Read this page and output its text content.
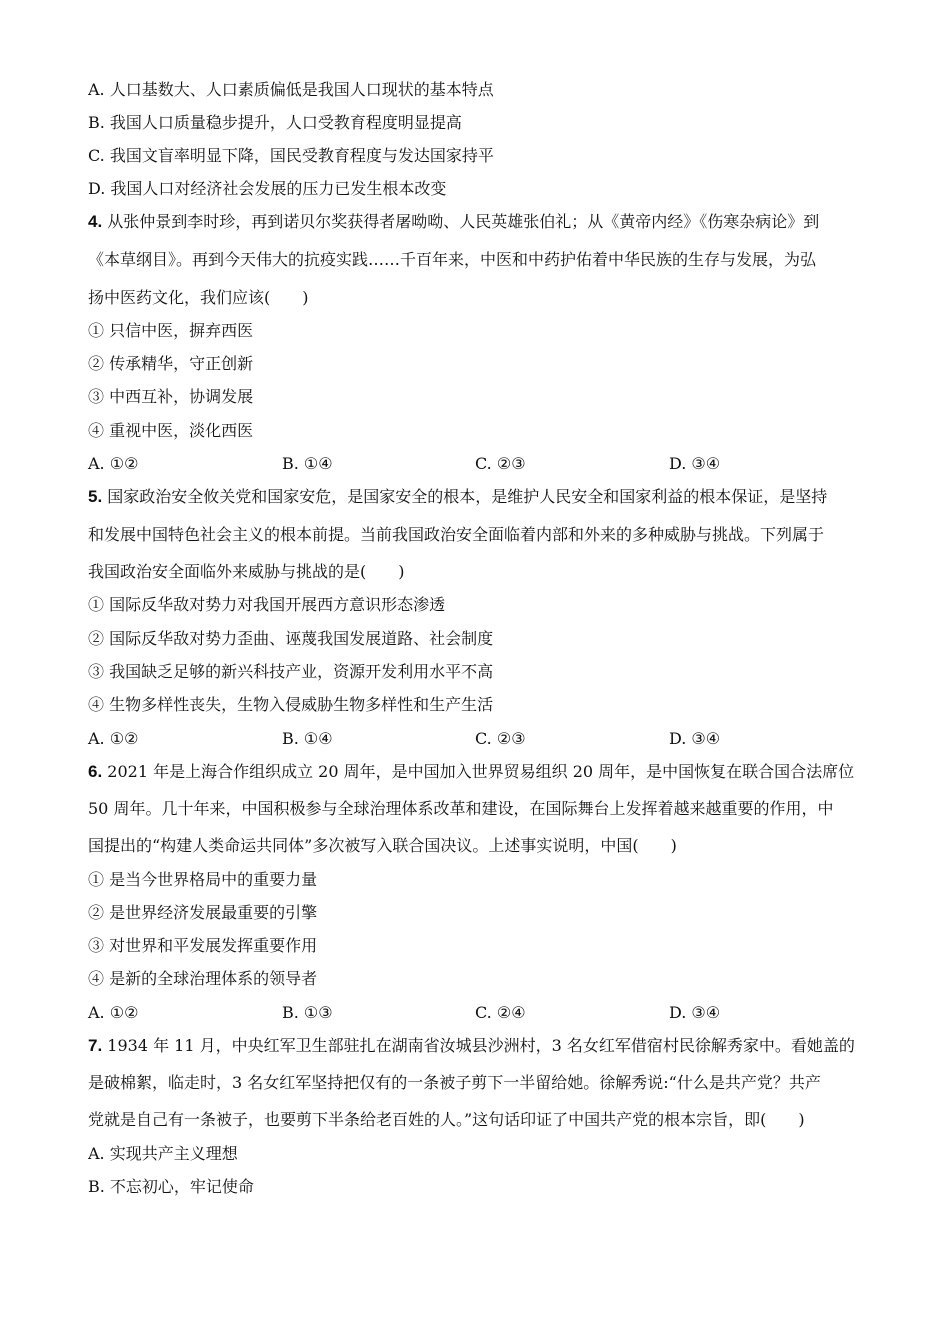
A. 人口基数大、人口素质偏低是我国人口现状的基本特点
B. 我国人口质量稳步提升，人口受教育程度明显提高
C. 我国文盲率明显下降，国民受教育程度与发达国家持平
D. 我国人口对经济社会发展的压力已发生根本改变
4. 从张仲景到李时珍，再到诺贝尔奖获得者屠呦呦、人民英雄张伯礼；从《黄帝内经》《伤寒杂病论》到
《本草纲目》。再到今天伟大的抗疫实践……千百年来，中医和中药护佑着中华民族的生存与发展，为弘
扬中医药文化，我们应该(　　)
① 只信中医，摒弃西医
② 传承精华，守正创新
③ 中西互补，协调发展
④ 重视中医，淡化西医
A. ①②	B. ①④	C. ②③	D. ③④
5. 国家政治安全攸关党和国家安危，是国家安全的根本，是维护人民安全和国家利益的根本保证，是坚持
和发展中国特色社会主义的根本前提。当前我国政治安全面临着内部和外来的多种威胁与挑战。下列属于
我国政治安全面临外来威胁与挑战的是(　　)
① 国际反华敌对势力对我国开展西方意识形态渗透
② 国际反华敌对势力歪曲、诬蔑我国发展道路、社会制度
③ 我国缺乏足够的新兴科技产业，资源开发利用水平不高
④ 生物多样性丧失，生物入侵威胁生物多样性和生产生活
A. ①②	B. ①④	C. ②③	D. ③④
6. 2021 年是上海合作组织成立 20 周年，是中国加入世界贸易组织 20 周年，是中国恢复在联合国合法席位
50 周年。几十年来，中国积极参与全球治理体系改革和建设，在国际舞台上发挥着越来越重要的作用，中
国提出的“构建人类命运共同体”多次被写入联合国决议。上述事实说明，中国(　　)
① 是当今世界格局中的重要力量
② 是世界经济发展最重要的引擎
③ 对世界和平发展发挥重要作用
④ 是新的全球治理体系的领导者
A. ①②	B. ①③	C. ②④	D. ③④
7. 1934 年 11 月，中央红军卫生部驻扎在湖南省汝城县沙洲村，3 名女红军借宿村民徐解秀家中。看她盖的
是破棉絮，临走时，3 名女红军坚持把仅有的一条被子剪下一半留给她。徐解秀说:“什么是共产党？共产
党就是自己有一条被子，也要剪下半条给老百姓的人。”这句话印证了中国共产党的根本宗旨，即(　　)
A. 实现共产主义理想
B. 不忘初心，牢记使命
